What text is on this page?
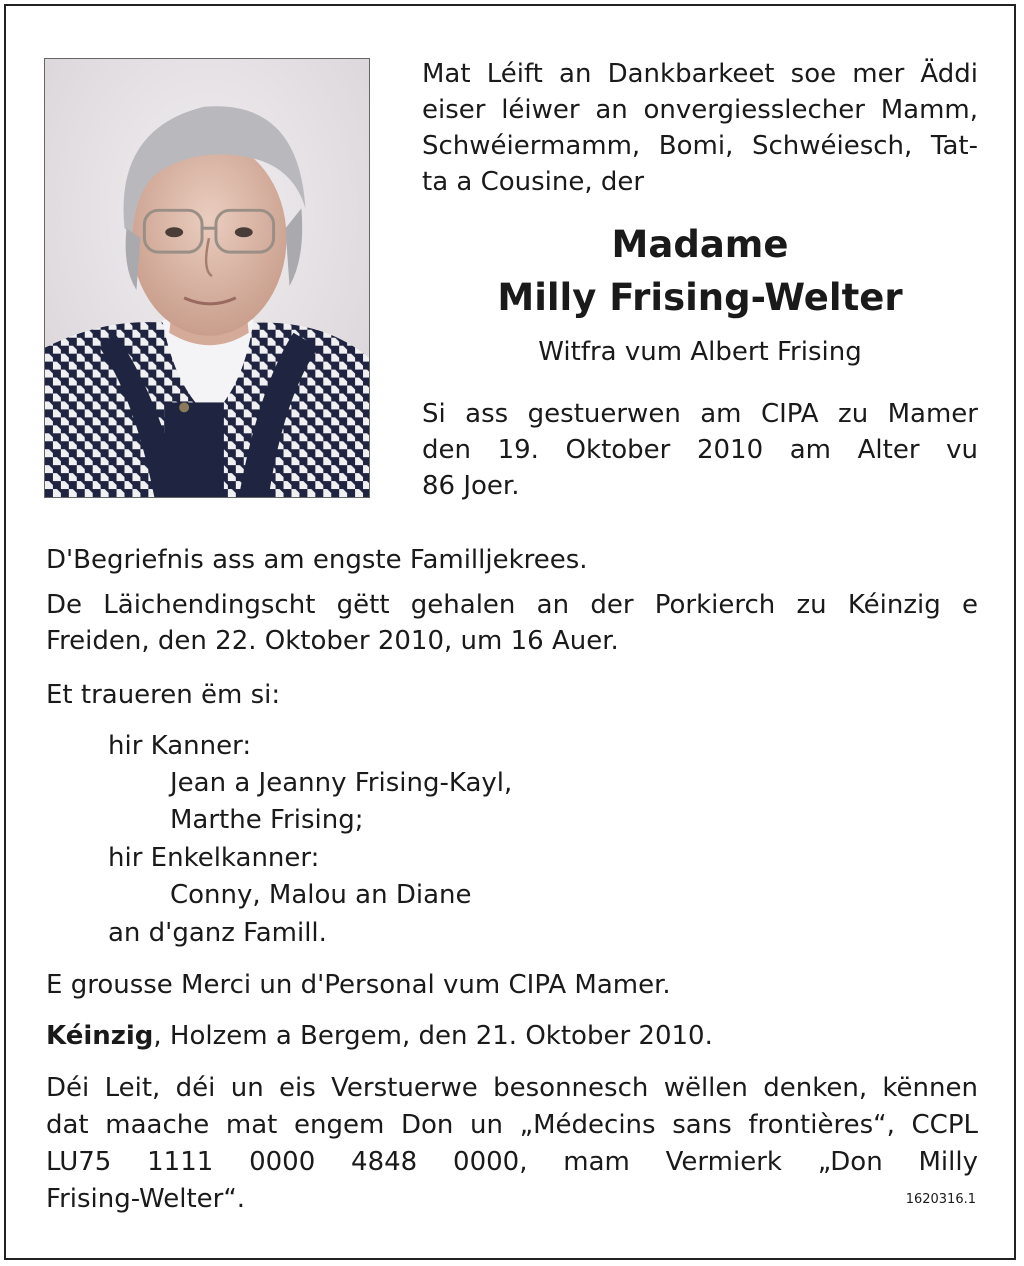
Mat Léift an Dankbarkeet soe mer Äddi

eiser léiwer an onvergiesslecher Mamm,

Schwéiermamm, Bomi, Schwéiesch, Tat-

ta a Cousine, der

Madame
Milly Frising-Welter
Witfra vum Albert Frising

Si ass gestuerwen am CIPA zu Mamer

den 19. Oktober 2010 am Alter vu

86 Joer.

D'Begriefnis ass am engste Familljekrees.

De Läichendingscht gëtt gehalen an der Porkierch zu Kéinzig e

Freiden, den 22. Oktober 2010, um 16 Auer.

Et traueren ëm si:

hir Kanner:

Jean a Jeanny Frising-Kayl,

Marthe Frising;

hir Enkelkanner:

Conny, Malou an Diane

an d'ganz Famill.

E grousse Merci un d'Personal vum CIPA Mamer.

Kéinzig, Holzem a Bergem, den 21. Oktober 2010.

Déi Leit, déi un eis Verstuerwe besonnesch wëllen denken, kënnen

dat maache mat engem Don un „Médecins sans frontières“, CCPL

LU75 1111 0000 4848 0000, mam Vermierk „Don Milly

Frising-Welter“.	1620316.1
